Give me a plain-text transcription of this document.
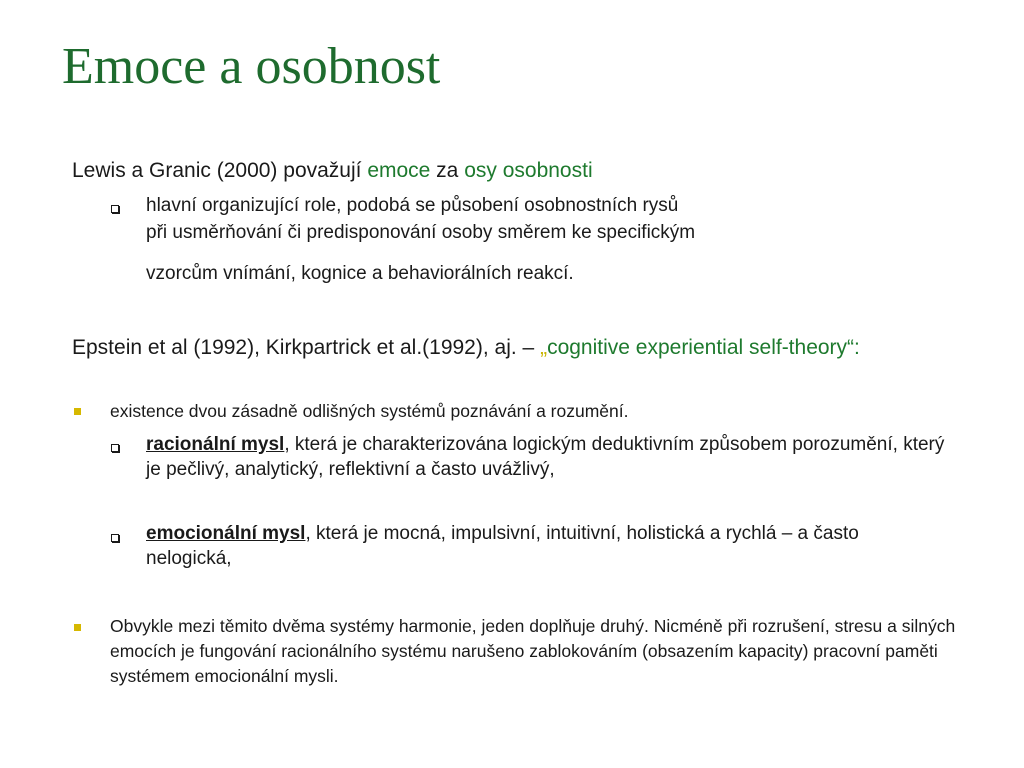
Emoce a osobnost

Lewis a Granic (2000) považují emoce za osy osobnosti

hlavní organizující role, podobá se působení osobnostních rysů

při usměrňování či predisponování osoby směrem ke specifickým

vzorcům vnímání, kognice a behaviorálních reakcí.

Epstein et al (1992), Kirkpartrick et al.(1992), aj. – „cognitive experiential self-theory“:

existence dvou zásadně odlišných systémů poznávání a rozumění.

racionální mysl, která je charakterizována logickým deduktivním způsobem porozumění, který je pečlivý, analytický, reflektivní a často uvážlivý,

emocionální mysl, která je mocná, impulsivní, intuitivní, holistická a rychlá – a často nelogická,

Obvykle mezi těmito dvěma systémy harmonie, jeden doplňuje druhý. Nicméně při rozrušení, stresu a silných emocích je fungování racionálního systému narušeno zablokováním (obsazením kapacity) pracovní paměti systémem emocionální mysli.
